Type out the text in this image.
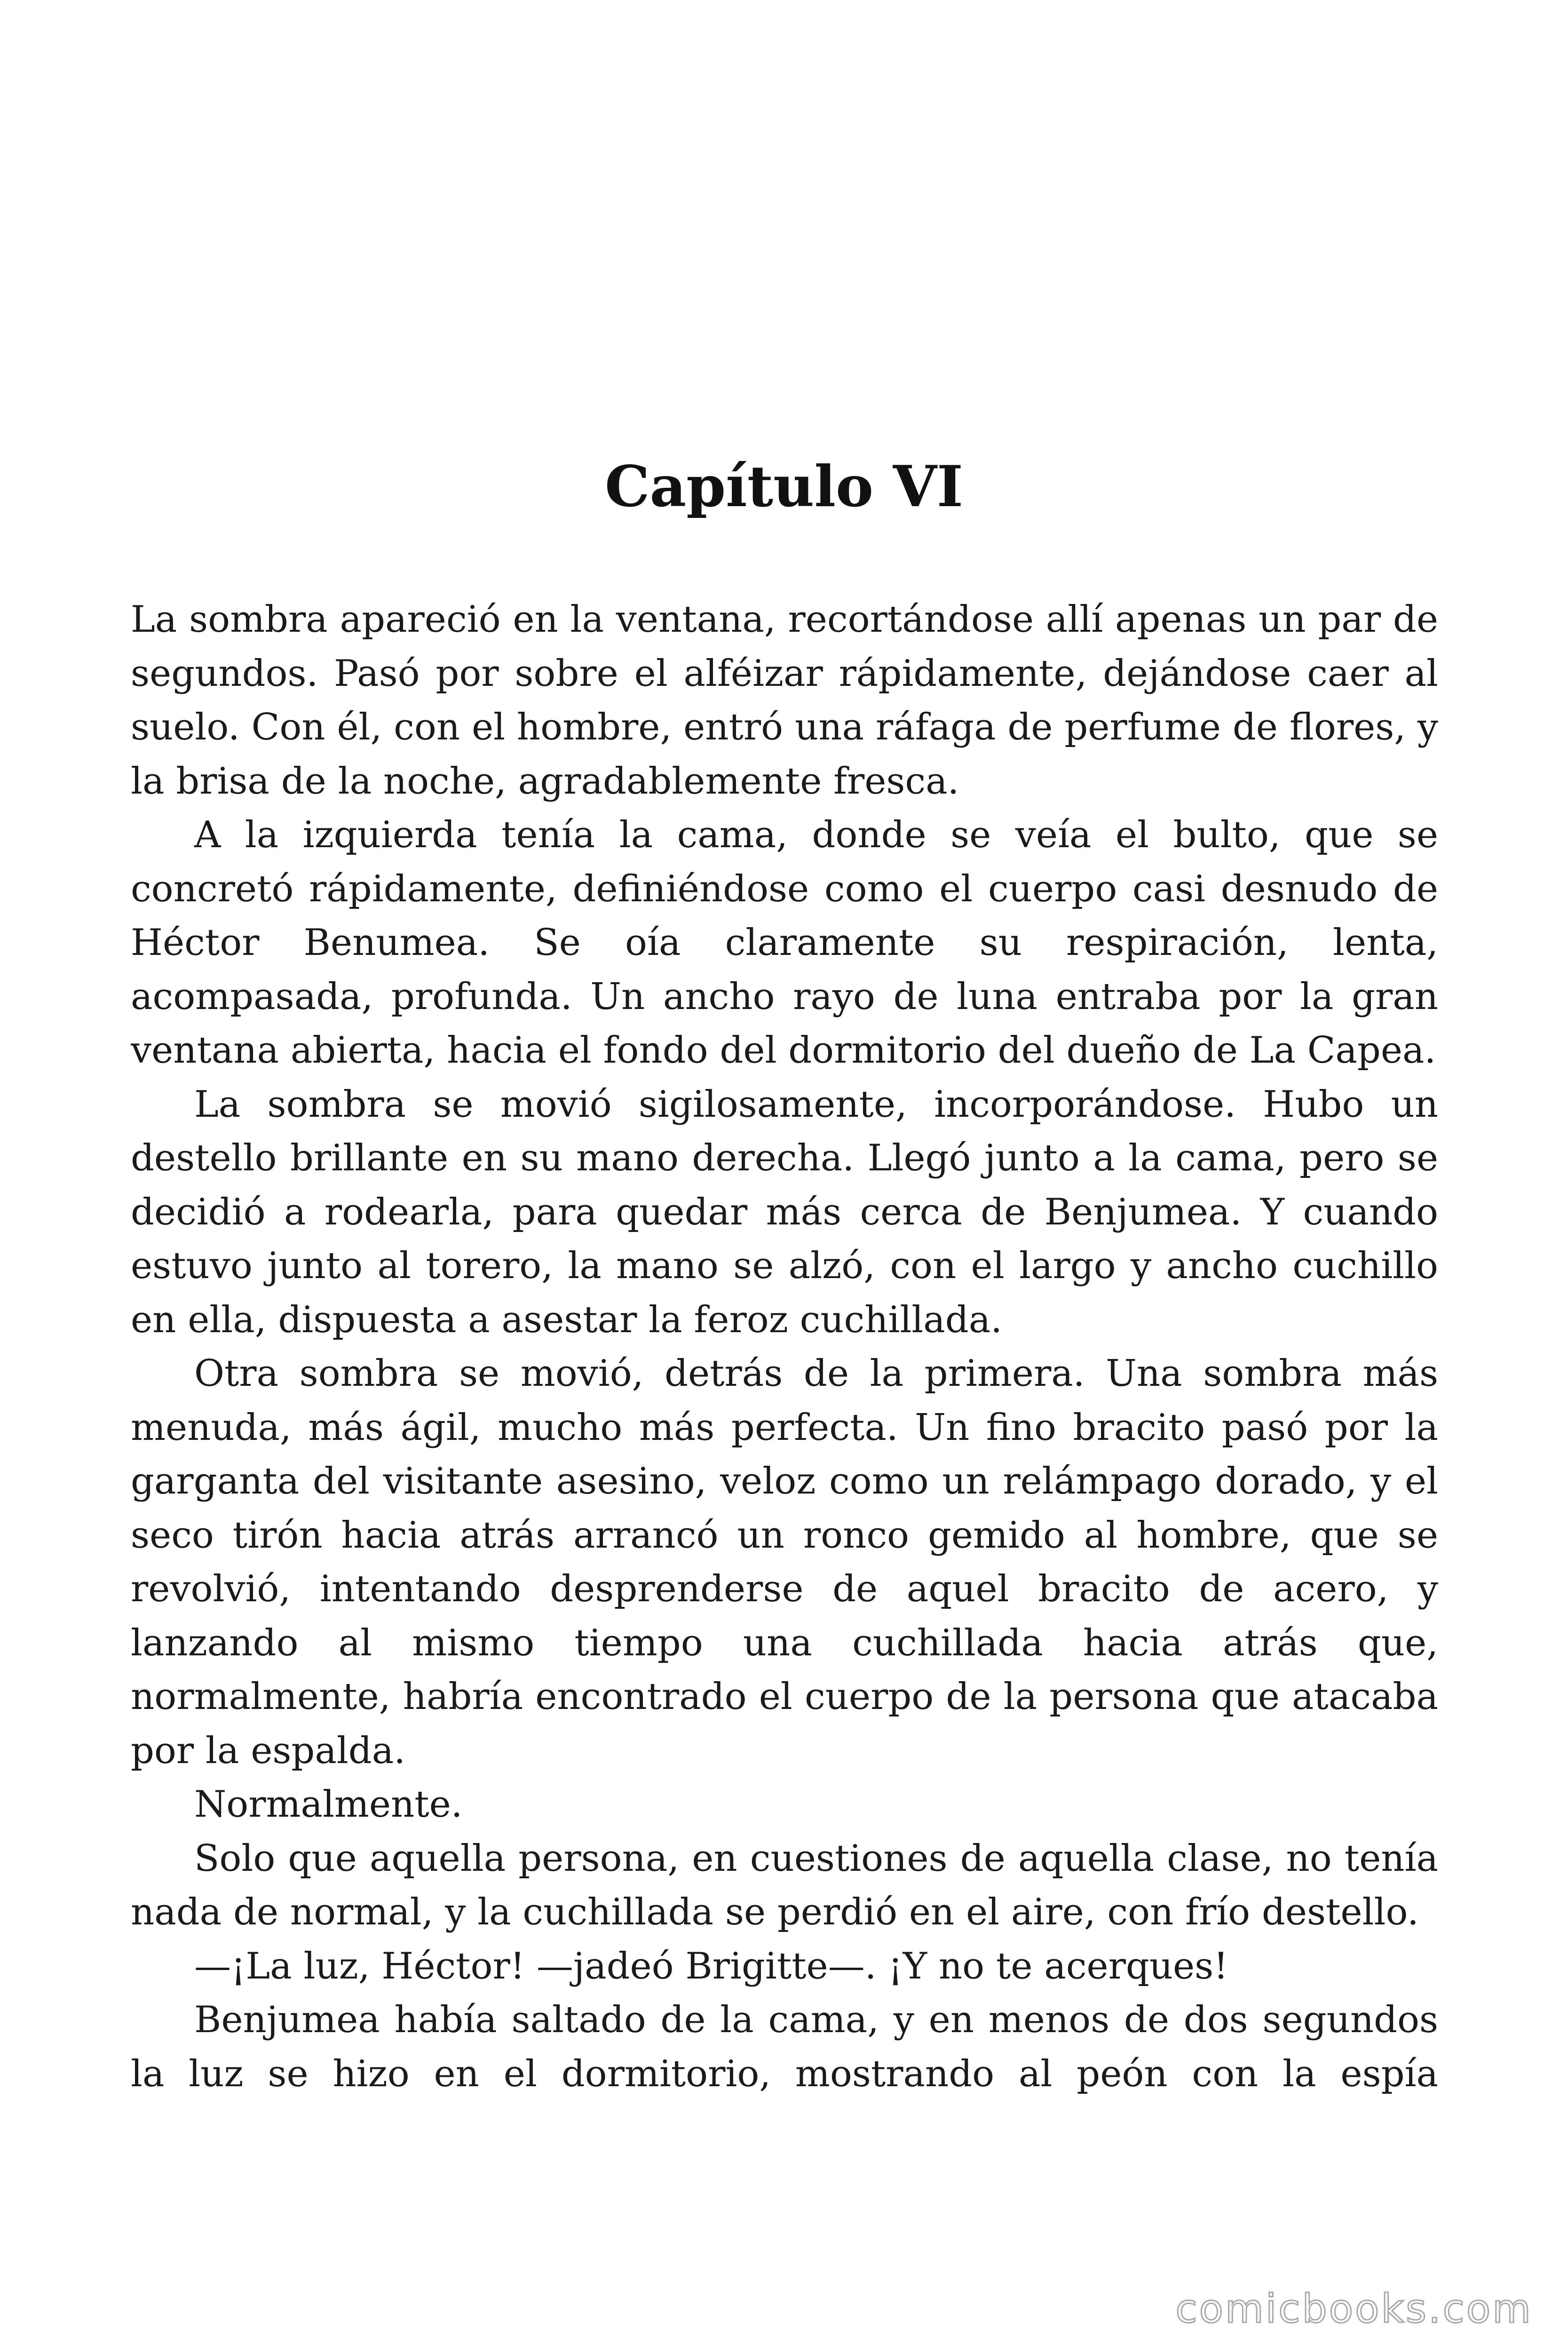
Capítulo VI

La sombra apareció en la ventana, recortándose allí apenas un par de segundos. Pasó por sobre el alféizar rápidamente, dejándose caer al suelo. Con él, con el hombre, entró una ráfaga de perfume de flores, y la brisa de la noche, agradablemente fresca.

A la izquierda tenía la cama, donde se veía el bulto, que se concretó rápidamente, definiéndose como el cuerpo casi desnudo de Héctor Benumea. Se oía claramente su respiración, lenta, acompasada, profunda. Un ancho rayo de luna entraba por la gran ventana abierta, hacia el fondo del dormitorio del dueño de La Capea.

La sombra se movió sigilosamente, incorporándose. Hubo un destello brillante en su mano derecha. Llegó junto a la cama, pero se decidió a rodearla, para quedar más cerca de Benjumea. Y cuando estuvo junto al torero, la mano se alzó, con el largo y ancho cuchillo en ella, dispuesta a asestar la feroz cuchillada.

Otra sombra se movió, detrás de la primera. Una sombra más menuda, más ágil, mucho más perfecta. Un fino bracito pasó por la garganta del visitante asesino, veloz como un relámpago dorado, y el seco tirón hacia atrás arrancó un ronco gemido al hombre, que se revolvió, intentando desprenderse de aquel bracito de acero, y lanzando al mismo tiempo una cuchillada hacia atrás que, normalmente, habría encontrado el cuerpo de la persona que atacaba por la espalda.

Normalmente.

Solo que aquella persona, en cuestiones de aquella clase, no tenía nada de normal, y la cuchillada se perdió en el aire, con frío destello.

—¡La luz, Héctor! —jadeó Brigitte—. ¡Y no te acerques!

Benjumea había saltado de la cama, y en menos de dos segundos la luz se hizo en el dormitorio, mostrando al peón con la espía

comicbooks.com
